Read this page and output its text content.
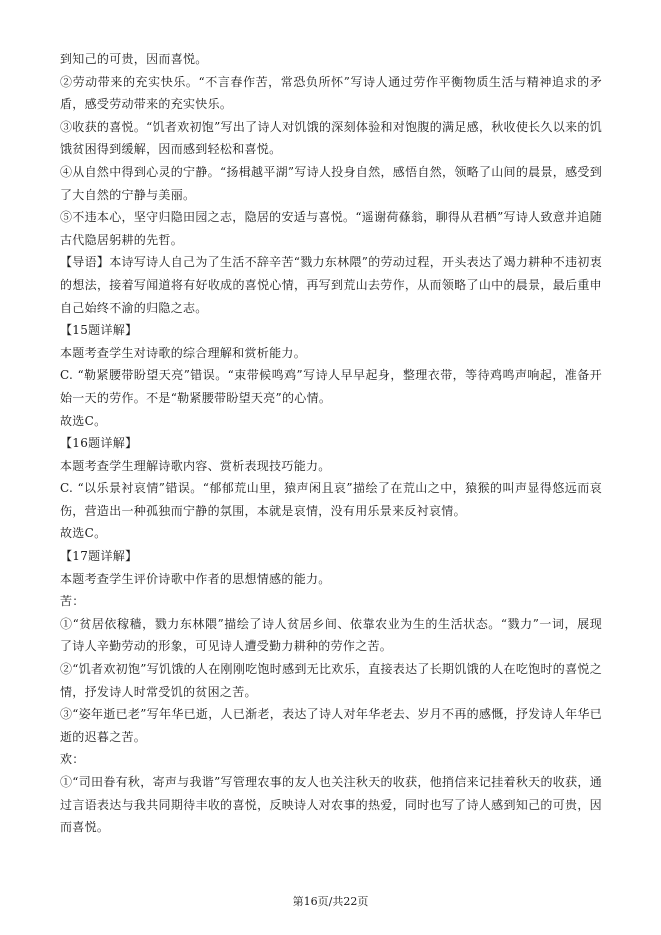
到知己的可贵，因而喜悦。

②劳动带来的充实快乐。“不言春作苦，常恐负所怀”写诗人通过劳作平衡物质生活与精神追求的矛盾，感受劳动带来的充实快乐。

③收获的喜悦。“饥者欢初饱”写出了诗人对饥饿的深刻体验和对饱腹的满足感，秋收使长久以来的饥饿贫困得到缓解，因而感到轻松和喜悦。

④从自然中得到心灵的宁静。“扬楫越平湖”写诗人投身自然，感悟自然，领略了山间的晨景，感受到了大自然的宁静与美丽。

⑤不违本心，坚守归隐田园之志，隐居的安适与喜悦。“遥谢荷蓧翁，聊得从君栖”写诗人致意并追随古代隐居躬耕的先哲。

【导语】本诗写诗人自己为了生活不辞辛苦“戮力东林隈”的劳动过程，开头表达了竭力耕种不违初衷的想法，接着写闻道将有好收成的喜悦心情，再写到荒山去劳作，从而领略了山中的晨景，最后重申自己始终不渝的归隐之志。

【15题详解】

本题考查学生对诗歌的综合理解和赏析能力。

C. “勒紧腰带盼望天亮”错误。“束带候鸣鸡”写诗人早早起身，整理衣带，等待鸡鸣声响起，准备开始一天的劳作。不是“勒紧腰带盼望天亮”的心情。

故选C。

【16题详解】

本题考查学生理解诗歌内容、赏析表现技巧能力。

C. “以乐景衬哀情”错误。“郁郁荒山里，猿声闲且哀”描绘了在荒山之中，猿猴的叫声显得悠远而哀伤，营造出一种孤独而宁静的氛围，本就是哀情，没有用乐景来反衬哀情。

故选C。

【17题详解】

本题考查学生评价诗歌中作者的思想情感的能力。

苦：

①“贫居依稼穑，戮力东林隈”描绘了诗人贫居乡间、依靠农业为生的生活状态。“戮力”一词，展现了诗人辛勤劳动的形象，可见诗人遭受勤力耕种的劳作之苦。

②“饥者欢初饱”写饥饿的人在刚刚吃饱时感到无比欢乐，直接表达了长期饥饿的人在吃饱时的喜悦之情，抒发诗人时常受饥的贫困之苦。

③“姿年逝已老”写年华已逝，人已渐老，表达了诗人对年华老去、岁月不再的感慨，抒发诗人年华已逝的迟暮之苦。

欢：

①“司田眷有秋，寄声与我谐”写管理农事的友人也关注秋天的收获，他捎信来记挂着秋天的收获，通过言语表达与我共同期待丰收的喜悦，反映诗人对农事的热爱，同时也写了诗人感到知己的可贵，因而喜悦。

第16页/共22页
